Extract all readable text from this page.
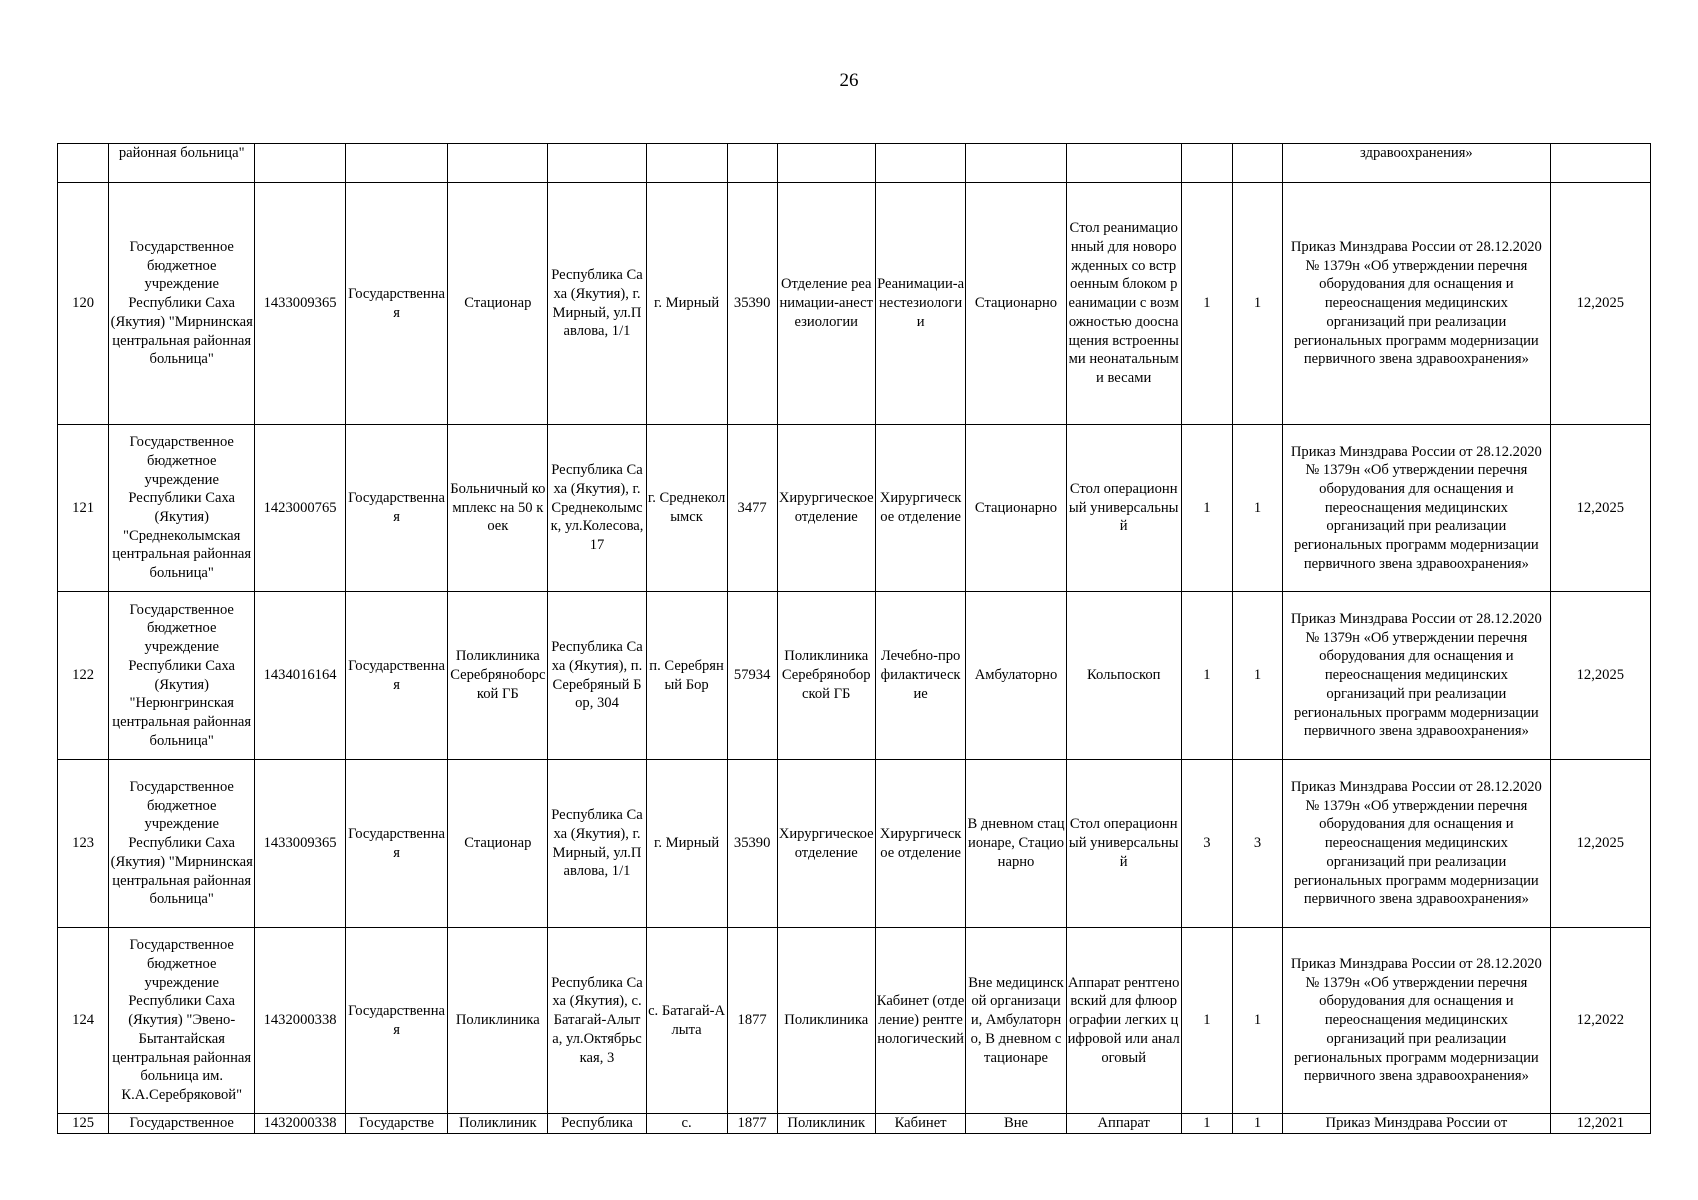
26
	районная больница"													здравоохранения»	
120	Государственное бюджетное учреждение Республики Саха (Якутия) "Мирнинская центральная районная больница"	1433009365	Государственная	Стационар	Республика Саха (Якутия), г. Мирный, ул.Павлова, 1/1	г. Мирный	35390	Отделение реанимации-анестезиологии	Реанимации-анестезиологии	Стационарно	Стол реанимационный для новорожденных со встроенным блоком реанимации с возможностью дооснащения встроенными неонатальными весами	1	1	Приказ Минздрава России от 28.12.2020 № 1379н «Об утверждении перечня оборудования для оснащения и переоснащения медицинских организаций при реализации региональных программ модернизации первичного звена здравоохранения»	12,2025
121	Государственное бюджетное учреждение Республики Саха (Якутия) "Среднеколымская центральная районная больница"	1423000765	Государственная	Больничный комплекс на 50 коек	Республика Саха (Якутия), г. Среднеколымск, ул.Колесова, 17	г. Среднеколымск	3477	Хирургическое отделение	Хирургическое отделение	Стационарно	Стол операционный универсальный	1	1	Приказ Минздрава России от 28.12.2020 № 1379н «Об утверждении перечня оборудования для оснащения и переоснащения медицинских организаций при реализации региональных программ модернизации первичного звена здравоохранения»	12,2025
122	Государственное бюджетное учреждение Республики Саха (Якутия) "Нерюнгринская центральная районная больница"	1434016164	Государственная	Поликлиника Серебряноборской ГБ	Республика Саха (Якутия), п. Серебряный Бор, 304	п. Серебряный Бор	57934	Поликлиника Серебряноборской ГБ	Лечебно-профилактические	Амбулаторно	Кольпоскоп	1	1	Приказ Минздрава России от 28.12.2020 № 1379н «Об утверждении перечня оборудования для оснащения и переоснащения медицинских организаций при реализации региональных программ модернизации первичного звена здравоохранения»	12,2025
123	Государственное бюджетное учреждение Республики Саха (Якутия) "Мирнинская центральная районная больница"	1433009365	Государственная	Стационар	Республика Саха (Якутия), г. Мирный, ул.Павлова, 1/1	г. Мирный	35390	Хирургическое отделение	Хирургическое отделение	В дневном стационаре, Стационарно	Стол операционный универсальный	3	3	Приказ Минздрава России от 28.12.2020 № 1379н «Об утверждении перечня оборудования для оснащения и переоснащения медицинских организаций при реализации региональных программ модернизации первичного звена здравоохранения»	12,2025
124	Государственное бюджетное учреждение Республики Саха (Якутия) "Эвено-Бытантайская центральная районная больница им. К.А.Серебряковой"	1432000338	Государственная	Поликлиника	Республика Саха (Якутия), с. Батагай-Алыта, ул.Октябрьская, 3	с. Батагай-Алыта	1877	Поликлиника	Кабинет (отделение) рентгенологический	Вне медицинской организации, Амбулаторно, В дневном стационаре	Аппарат рентгеновский для флюорографии легких цифровой или аналоговый	1	1	Приказ Минздрава России от 28.12.2020 № 1379н «Об утверждении перечня оборудования для оснащения и переоснащения медицинских организаций при реализации региональных программ модернизации первичного звена здравоохранения»	12,2022
125	Государственное	1432000338	Государстве	Поликлиник	Республика	с.	1877	Поликлиник	Кабинет	Вне	Аппарат	1	1	Приказ Минздрава России от	12,2021
